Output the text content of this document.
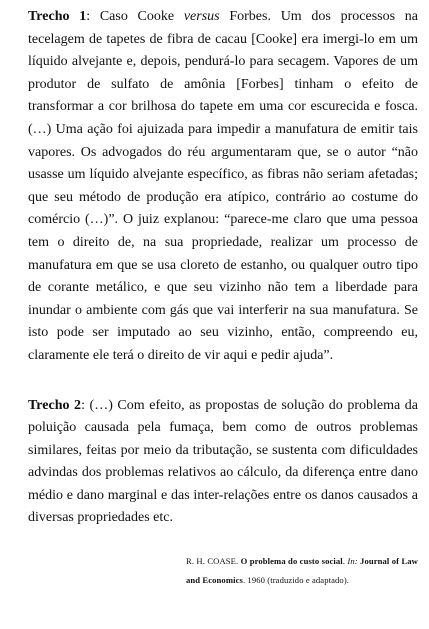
Trecho 1: Caso Cooke versus Forbes. Um dos processos na tecelagem de tapetes de fibra de cacau [Cooke] era imergi-lo em um líquido alvejante e, depois, pendurá-lo para secagem. Vapores de um produtor de sulfato de amônia [Forbes] tinham o efeito de transformar a cor brilhosa do tapete em uma cor escurecida e fosca. (…) Uma ação foi ajuizada para impedir a manufatura de emitir tais vapores. Os advogados do réu argumentaram que, se o autor “não usasse um líquido alvejante específico, as fibras não seriam afetadas; que seu método de produção era atípico, contrário ao costume do comércio (…)”. O juiz explanou: “parece-me claro que uma pessoa tem o direito de, na sua propriedade, realizar um processo de manufatura em que se usa cloreto de estanho, ou qualquer outro tipo de corante metálico, e que seu vizinho não tem a liberdade para inundar o ambiente com gás que vai interferir na sua manufatura. Se isto pode ser imputado ao seu vizinho, então, compreendo eu, claramente ele terá o direito de vir aqui e pedir ajuda”.

Trecho 2: (…) Com efeito, as propostas de solução do problema da poluição causada pela fumaça, bem como de outros problemas similares, feitas por meio da tributação, se sustenta com dificuldades advindas dos problemas relativos ao cálculo, da diferença entre dano médio e dano marginal e das inter-relações entre os danos causados a diversas propriedades etc.

R. H. COASE. O problema do custo social. In: Journal of Law and Economics. 1960 (traduzido e adaptado).
